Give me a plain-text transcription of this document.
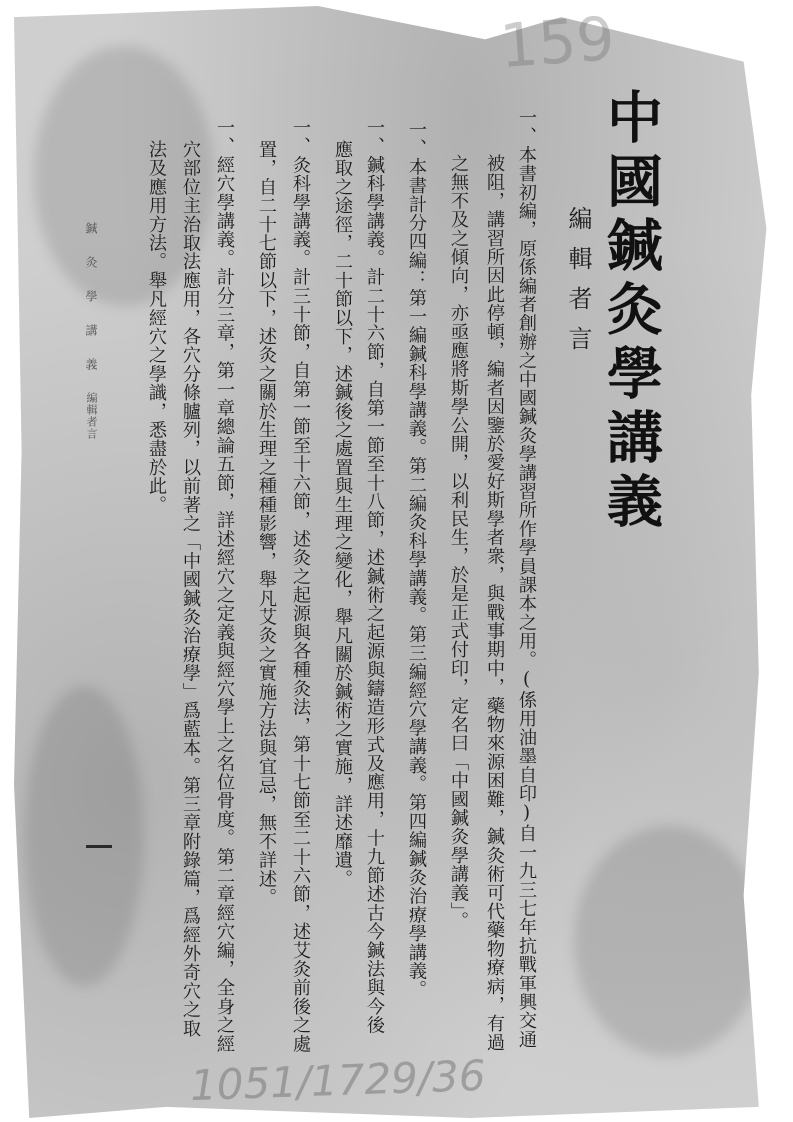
159
中國鍼灸學講義
編輯者言
一、本書初編，原係編者創辦之中國鍼灸學講習所作學員課本之用。(係用油墨自印)自一九三七年抗戰軍興交通
被阻，講習所因此停頓，編者因鑒於愛好斯學者衆，與戰事期中，藥物來源困難，鍼灸術可代藥物療病，有過
之無不及之傾向，亦亟應將斯學公開，以利民生，於是正式付印，定名曰「中國鍼灸學講義」。
一、本書計分四編：第一編鍼科學講義。第二編灸科學講義。第三編經穴學講義。第四編鍼灸治療學講義。
一、鍼科學講義。計二十六節，自第一節至十八節，述鍼術之起源與鑄造形式及應用，十九節述古今鍼法與今後
應取之途徑，二十節以下，述鍼後之處置與生理之變化，舉凡關於鍼術之實施，詳述靡遺。
一、灸科學講義。計三十節，自第一節至十六節，述灸之起源與各種灸法，第十七節至二十六節，述艾灸前後之處
置，自二十七節以下，述灸之關於生理之種種影響，舉凡艾灸之實施方法與宜忌，無不詳述。
一、經穴學講義。計分三章，第一章總論五節，詳述經穴之定義與經穴學上之名位骨度。第二章經穴編，全身之經
穴部位主治取法應用，各穴分條臚列，以前著之「中國鍼灸治療學」爲藍本。第三章附錄篇，爲經外奇穴之取
法及應用方法。舉凡經穴之學識，悉盡於此。
鍼灸學講義
編輯者言
1051/1729/36
